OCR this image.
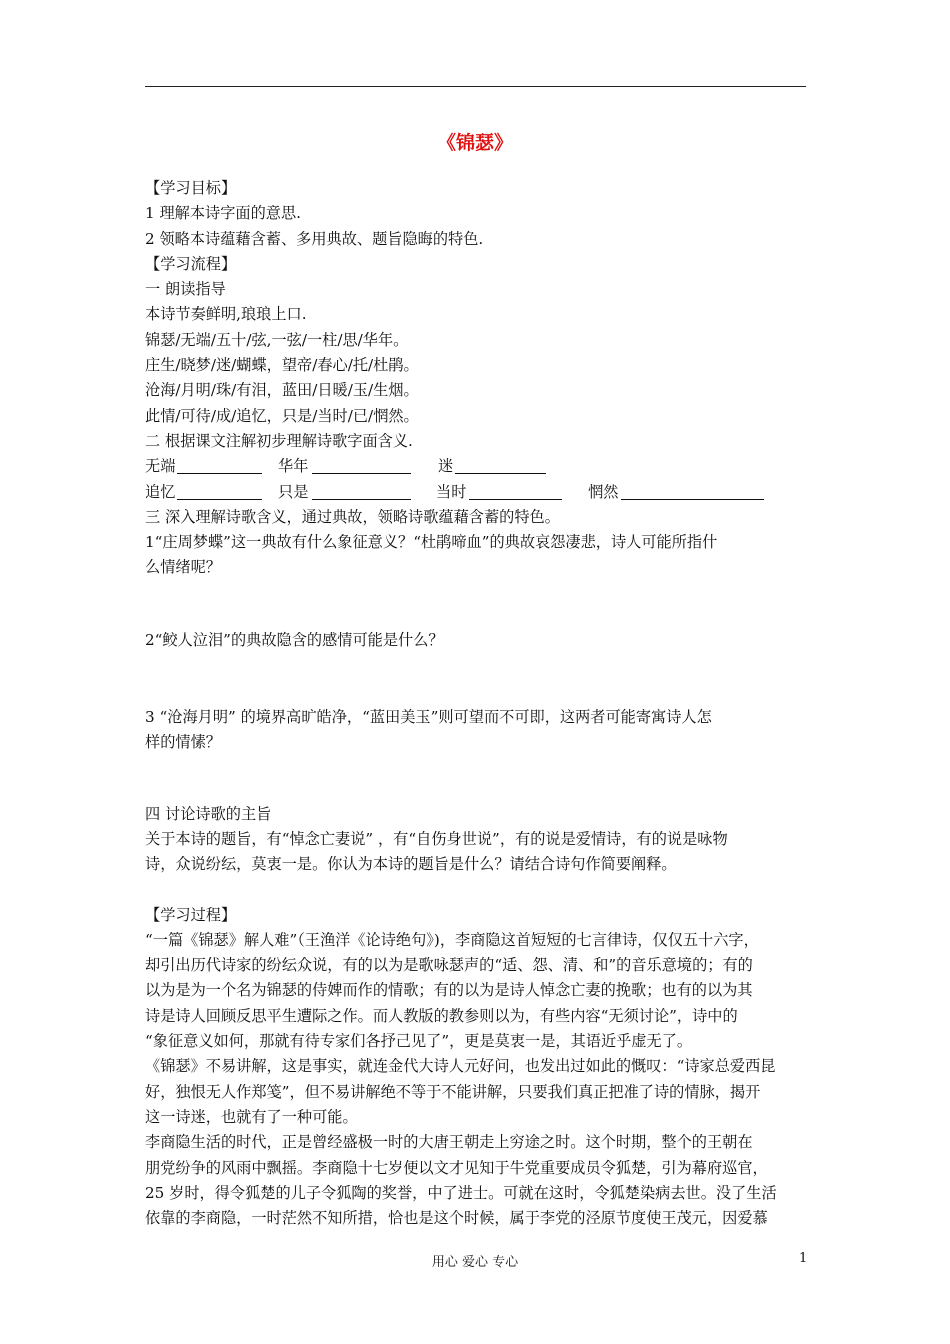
《锦瑟》
【学习目标】
1 理解本诗字面的意思.
2 领略本诗蕴藉含蓄、多用典故、题旨隐晦的特色.
【学习流程】
一 朗读指导
本诗节奏鲜明,琅琅上口.
锦瑟/无端/五十/弦,一弦/一柱/思/华年。
庄生/晓梦/迷/蝴蝶，望帝/春心/托/杜鹃。
沧海/月明/珠/有泪，蓝田/日暖/玉/生烟。
此情/可待/成/追忆，只是/当时/已/惘然。
二 根据课文注解初步理解诗歌字面含义.
无端	华年	迷
追忆	只是	当时	惘然
三 深入理解诗歌含义，通过典故，领略诗歌蕴藉含蓄的特色。
1“庄周梦蝶”这一典故有什么象征意义？“杜鹃啼血”的典故哀怨凄悲，诗人可能所指什
么情绪呢？
2“鲛人泣泪”的典故隐含的感情可能是什么？
3 “沧海月明” 的境界高旷皓净，“蓝田美玉”则可望而不可即，这两者可能寄寓诗人怎
样的情愫？
四 讨论诗歌的主旨
关于本诗的题旨，有“悼念亡妻说” ，有“自伤身世说”，有的说是爱情诗，有的说是咏物
诗，众说纷纭，莫衷一是。你认为本诗的题旨是什么？请结合诗句作简要阐释。
【学习过程】
“一篇《锦瑟》解人难”（王渔洋《论诗绝句》)，李商隐这首短短的七言律诗，仅仅五十六字，
却引出历代诗家的纷纭众说，有的以为是歌咏瑟声的“适、怨、清、和”的音乐意境的；有的
以为是为一个名为锦瑟的侍婢而作的情歌；有的以为是诗人悼念亡妻的挽歌；也有的以为其
诗是诗人回顾反思平生遭际之作。而人教版的教参则以为，有些内容“无须讨论”，诗中的
“象征意义如何，那就有待专家们各抒己见了”，更是莫衷一是，其语近乎虚无了。
《锦瑟》不易讲解，这是事实，就连金代大诗人元好问，也发出过如此的慨叹：“诗家总爱西昆
好，独恨无人作郑笺”，但不易讲解绝不等于不能讲解，只要我们真正把准了诗的情脉，揭开
这一诗迷，也就有了一种可能。
李商隐生活的时代，正是曾经盛极一时的大唐王朝走上穷途之时。这个时期，整个的王朝在
朋党纷争的风雨中飘摇。李商隐十七岁便以文才见知于牛党重要成员令狐楚，引为幕府巡官，
25 岁时，得令狐楚的儿子令狐陶的奖誉，中了进士。可就在这时，令狐楚染病去世。没了生活
依靠的李商隐，一时茫然不知所措，恰也是这个时候，属于李党的泾原节度使王茂元，因爱慕
用心 爱心 专心	1
